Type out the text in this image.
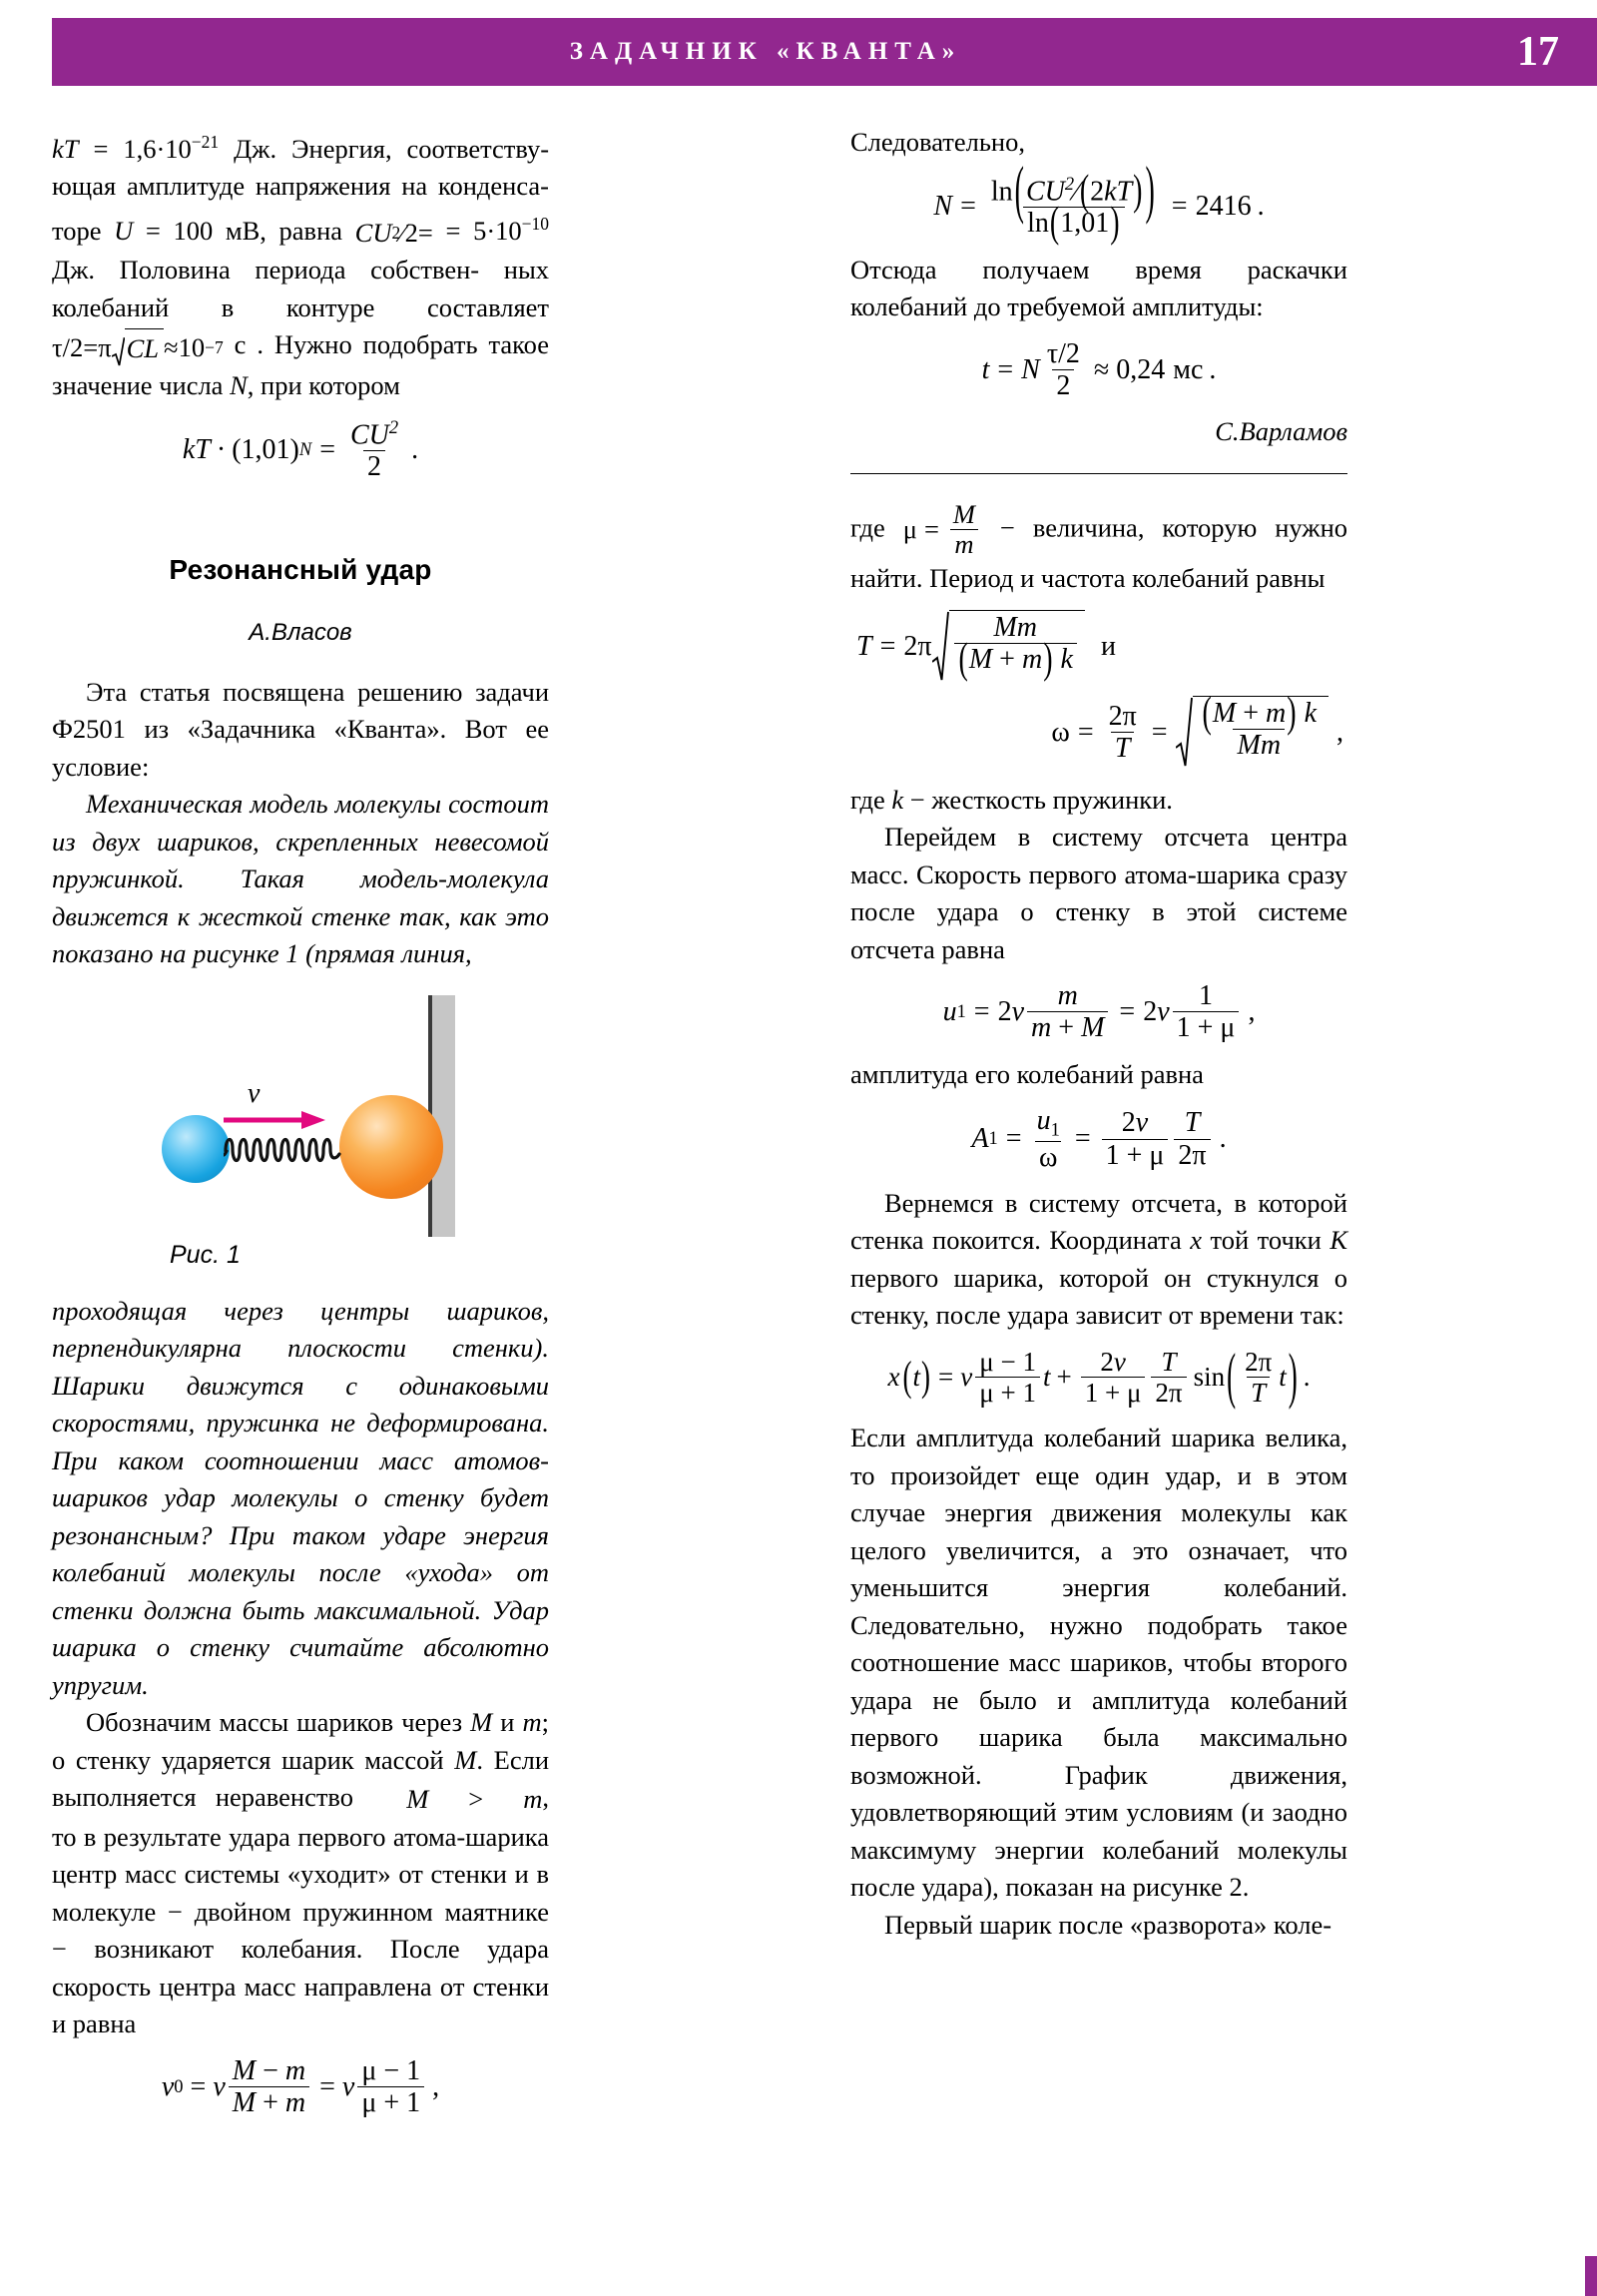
ЗАДАЧНИК «КВАНТА»	17

kT = $1,6\cdot 10^{-21}$ Дж. Энергия, соответству- ющая амплитуде напряжения на конденса- торе U = 100 мВ, равна CU 2 ⁄ 2 = = $5\cdot 10^{-10}$ Дж. Половина периода собствен- ных колебаний в контуре составляет
τ/2 = π CL ≈ 10 −7 с . Нужно подобрать такое значение числа N, при котором

kT · (1,01) $N = \frac{CU^2}{2}$ .
Резонансный удар
А.Власов

Эта статья посвящена решению задачи Ф2501 из «Задачника «Кванта». Вот ее условие:

Механическая модель молекулы состоит из двух шариков, скрепленных невесомой пружинкой. Такая модель-молекула движется к жесткой стенке так, как это показано на рисунке 1 (прямая линия,

v
Рис. 1

проходящая через центры шариков, перпендикулярна плоскости стенки). Шарики движутся с одинаковыми скоростями, пружинка не деформирована. При каком соотношении масс атомов-шариков удар молекулы о стенку будет резонансным? При таком ударе энергия колебаний молекулы после «ухода» от стенки должна быть максимальной. Удар шарика о стенку считайте абсолютно упругим.

Обозначим массы шариков через M и m; о стенку ударяется шарик массой M. Если выполняется неравенство	M	>	m , то в результате удара первого атома-шарика центр масс системы «уходит» от стенки и в молекуле − двойном пружинном маятнике − возникают колебания. После удара скорость центра масс направлена от стенки и равна

v 0 = v $\frac{M - m}{M + m} = v \frac{\mu - 1}{\mu + 1}$ ,

Следовательно,

$N = \frac{\ln(CU^2⁄(2kT) )}{\ln(1,01)} = 2416$ .

Отсюда получаем время раскачки колебаний до требуемой амплитуды:

t = N $\frac{\tau/2}{2} \approx 0,24$ мс .
С.Варламов

где $\mu = \frac{M}{m}$ − величина, которую нужно найти. Период и частота колебаний равны

T = 2 π $\frac{Mm}{(M + m) k}$ и
$\omega = \frac{2\pi}{T} = \frac{(M + m) k}{Mm}$ ,

где k − жесткость пружинки.

Перейдем в систему отсчета центра масс. Скорость первого атома-шарика сразу после удара о стенку в этой системе отсчета равна

u 1 = 2 v $\frac{m}{m + M} = 2$ v $\frac{1}{1 + \mu}$ ,

амплитуда его колебаний равна

A $1 = \frac{u_1}{\omega} = \frac{2v}{1 + \mu} \frac{T}{2\pi}$ .

Вернемся в систему отсчета, в которой стенка покоится. Координата x той точки K первого шарика, которой он стукнулся о стенку, после удара зависит от времени так:

x ( t ) = v $\frac{\mu - 1}{\mu + 1}$ $t + \frac{2v}{1 + \mu} \frac{T}{2\pi}$ sin ( $\frac{2\pi}{T}$ t ) .

Если амплитуда колебаний шарика велика, то произойдет еще один удар, и в этом случае энергия движения молекулы как целого увеличится, а это означает, что уменьшится энергия колебаний. Следовательно, нужно подобрать такое соотношение масс шариков, чтобы второго удара не было и амплитуда колебаний первого шарика была максимально возможной. График движения, удовлетворяющий этим условиям (и заодно максимуму энергии колебаний молекулы после удара), показан на рисунке 2.

Первый шарик после «разворота» коле-
